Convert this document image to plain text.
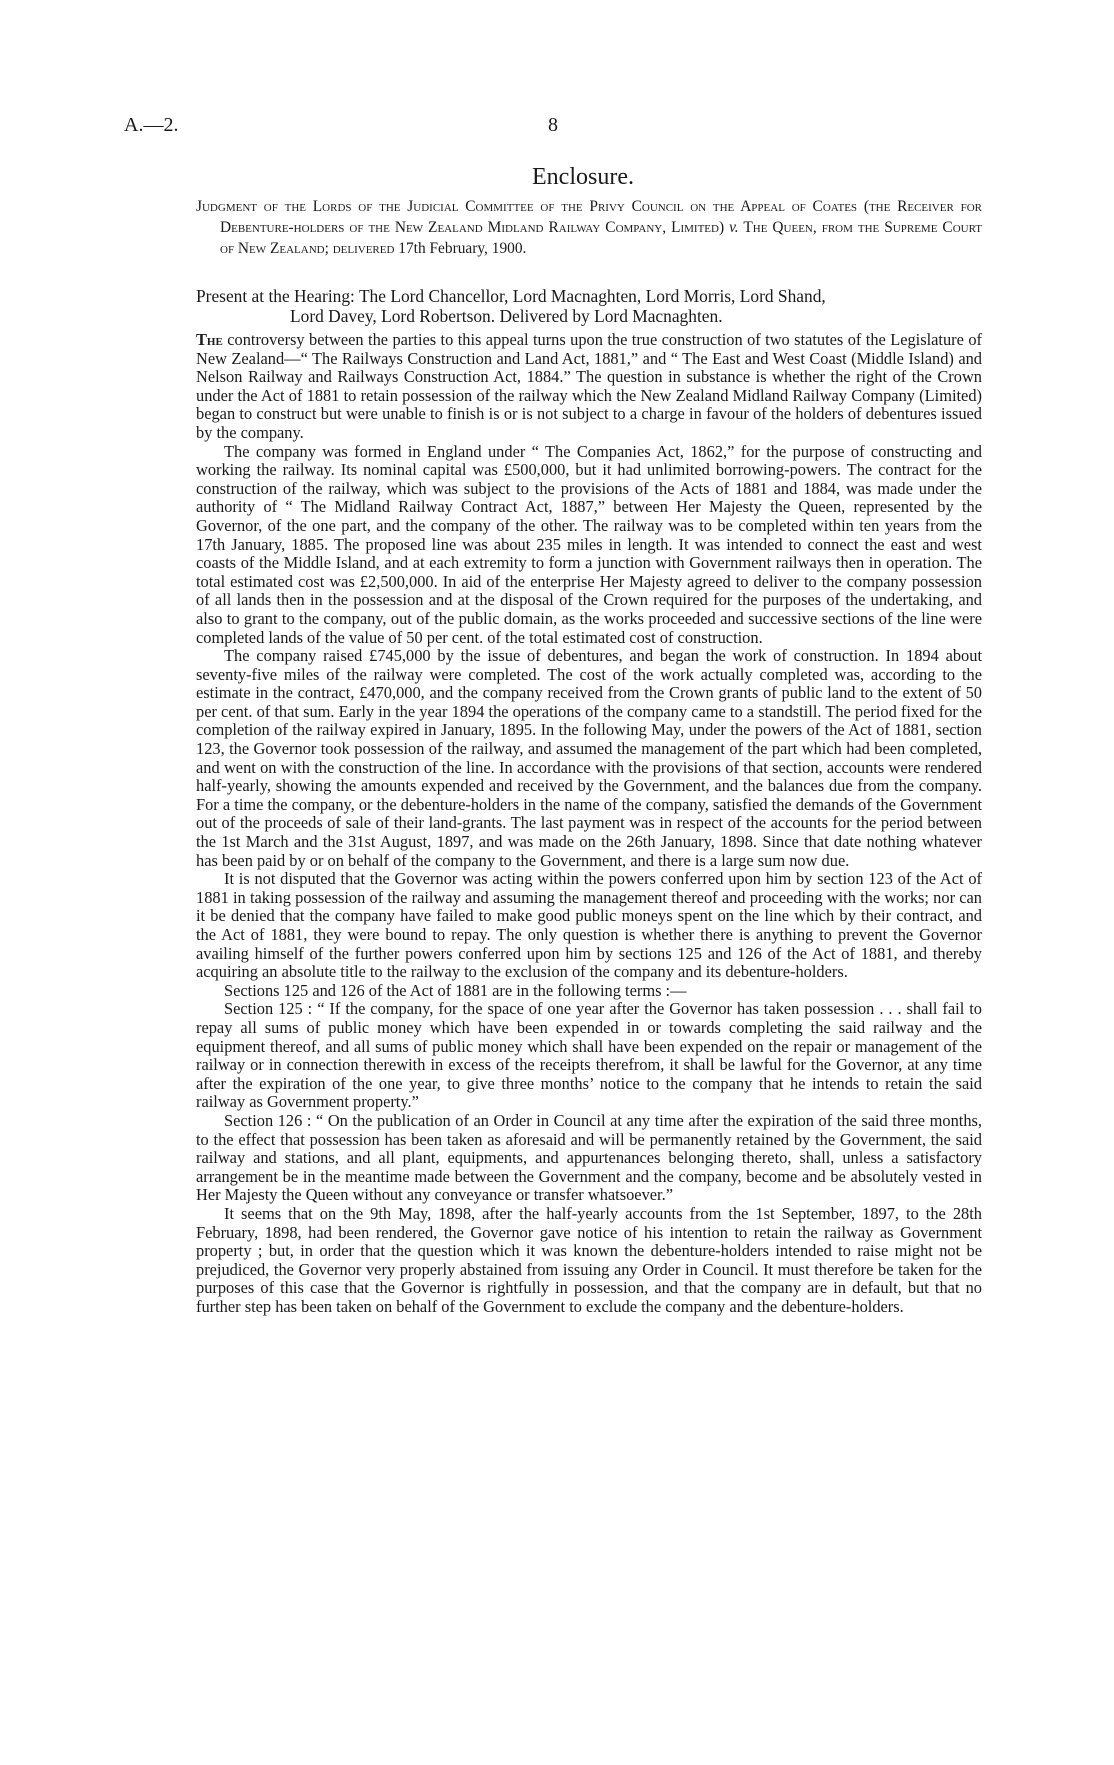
A.—2.	8
Enclosure.

Judgment of the Lords of the Judicial Committee of the Privy Council on the Appeal of Coates (the Receiver for Debenture-holders of the New Zealand Midland Railway Company, Limited) v. The Queen, from the Supreme Court of New Zealand; delivered 17th February, 1900.

Present at the Hearing: The Lord Chancellor, Lord Macnaghten, Lord Morris, Lord Shand,
Lord Davey, Lord Robertson. Delivered by Lord Macnaghten.

The controversy between the parties to this appeal turns upon the true construction of two statutes of the Legislature of New Zealand—“ The Railways Construction and Land Act, 1881,” and “ The East and West Coast (Middle Island) and Nelson Railway and Railways Construction Act, 1884.” The question in substance is whether the right of the Crown under the Act of 1881 to retain possession of the railway which the New Zealand Midland Railway Company (Limited) began to construct but were unable to finish is or is not subject to a charge in favour of the holders of debentures issued by the company.

The company was formed in England under “ The Companies Act, 1862,” for the purpose of constructing and working the railway. Its nominal capital was £500,000, but it had unlimited borrowing-powers. The contract for the construction of the railway, which was subject to the provisions of the Acts of 1881 and 1884, was made under the authority of “ The Midland Railway Contract Act, 1887,” between Her Majesty the Queen, represented by the Governor, of the one part, and the company of the other. The railway was to be completed within ten years from the 17th January, 1885. The proposed line was about 235 miles in length. It was intended to connect the east and west coasts of the Middle Island, and at each extremity to form a junction with Government railways then in operation. The total estimated cost was £2,500,000. In aid of the enterprise Her Majesty agreed to deliver to the company possession of all lands then in the possession and at the disposal of the Crown required for the purposes of the undertaking, and also to grant to the company, out of the public domain, as the works proceeded and successive sections of the line were completed lands of the value of 50 per cent. of the total estimated cost of construction.

The company raised £745,000 by the issue of debentures, and began the work of construction. In 1894 about seventy-five miles of the railway were completed. The cost of the work actually completed was, according to the estimate in the contract, £470,000, and the company received from the Crown grants of public land to the extent of 50 per cent. of that sum. Early in the year 1894 the operations of the company came to a standstill. The period fixed for the completion of the railway expired in January, 1895. In the following May, under the powers of the Act of 1881, section 123, the Governor took possession of the railway, and assumed the management of the part which had been completed, and went on with the construction of the line. In accordance with the provisions of that section, accounts were rendered half-yearly, showing the amounts expended and received by the Government, and the balances due from the company. For a time the company, or the debenture-holders in the name of the company, satisfied the demands of the Government out of the proceeds of sale of their land-grants. The last payment was in respect of the accounts for the period between the 1st March and the 31st August, 1897, and was made on the 26th January, 1898. Since that date nothing whatever has been paid by or on behalf of the company to the Government, and there is a large sum now due.

It is not disputed that the Governor was acting within the powers conferred upon him by section 123 of the Act of 1881 in taking possession of the railway and assuming the management thereof and proceeding with the works; nor can it be denied that the company have failed to make good public moneys spent on the line which by their contract, and the Act of 1881, they were bound to repay. The only question is whether there is anything to prevent the Governor availing himself of the further powers conferred upon him by sections 125 and 126 of the Act of 1881, and thereby acquiring an absolute title to the railway to the exclusion of the company and its debenture-holders.

Sections 125 and 126 of the Act of 1881 are in the following terms :—

Section 125 : “ If the company, for the space of one year after the Governor has taken possession . . . shall fail to repay all sums of public money which have been expended in or towards completing the said railway and the equipment thereof, and all sums of public money which shall have been expended on the repair or management of the railway or in connection therewith in excess of the receipts therefrom, it shall be lawful for the Governor, at any time after the expiration of the one year, to give three months’ notice to the company that he intends to retain the said railway as Government property.”

Section 126 : “ On the publication of an Order in Council at any time after the expiration of the said three months, to the effect that possession has been taken as aforesaid and will be permanently retained by the Government, the said railway and stations, and all plant, equipments, and appurtenances belonging thereto, shall, unless a satisfactory arrangement be in the meantime made between the Government and the company, become and be absolutely vested in Her Majesty the Queen without any conveyance or transfer whatsoever.”

It seems that on the 9th May, 1898, after the half-yearly accounts from the 1st September, 1897, to the 28th February, 1898, had been rendered, the Governor gave notice of his intention to retain the railway as Government property ; but, in order that the question which it was known the debenture-holders intended to raise might not be prejudiced, the Governor very properly abstained from issuing any Order in Council. It must therefore be taken for the purposes of this case that the Governor is rightfully in possession, and that the company are in default, but that no further step has been taken on behalf of the Government to exclude the company and the debenture-holders.
